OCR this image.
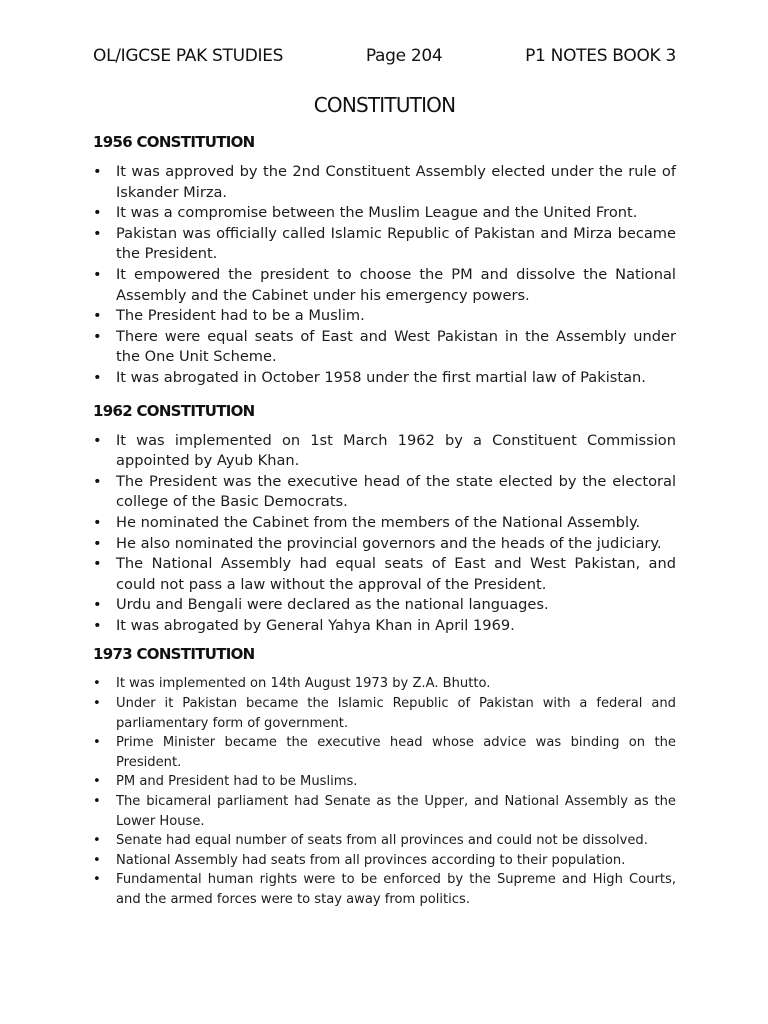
OL/IGCSE PAK STUDIES	Page 204	P1 NOTES BOOK 3
CONSTITUTION
1956 CONSTITUTION
• It was approved by the 2nd Constituent Assembly elected under the rule of Iskander Mirza.
• It was a compromise between the Muslim League and the United Front.
• Pakistan was officially called Islamic Republic of Pakistan and Mirza became the President.
• It empowered the president to choose the PM and dissolve the National Assembly and the Cabinet under his emergency powers.
• The President had to be a Muslim.
• There were equal seats of East and West Pakistan in the Assembly under the One Unit Scheme.
• It was abrogated in October 1958 under the first martial law of Pakistan.
1962 CONSTITUTION
• It was implemented on 1st March 1962 by a Constituent Commission appointed by Ayub Khan.
• The President was the executive head of the state elected by the electoral college of the Basic Democrats.
• He nominated the Cabinet from the members of the National Assembly.
• He also nominated the provincial governors and the heads of the judiciary.
• The National Assembly had equal seats of East and West Pakistan, and could not pass a law without the approval of the President.
• Urdu and Bengali were declared as the national languages.
• It was abrogated by General Yahya Khan in April 1969.
1973 CONSTITUTION
• It was implemented on 14th August 1973 by Z.A. Bhutto.
• Under it Pakistan became the Islamic Republic of Pakistan with a federal and parliamentary form of government.
• Prime Minister became the executive head whose advice was binding on the President.
• PM and President had to be Muslims.
• The bicameral parliament had Senate as the Upper, and National Assembly as the Lower House.
• Senate had equal number of seats from all provinces and could not be dissolved.
• National Assembly had seats from all provinces according to their population.
• Fundamental human rights were to be enforced by the Supreme and High Courts, and the armed forces were to stay away from politics.
